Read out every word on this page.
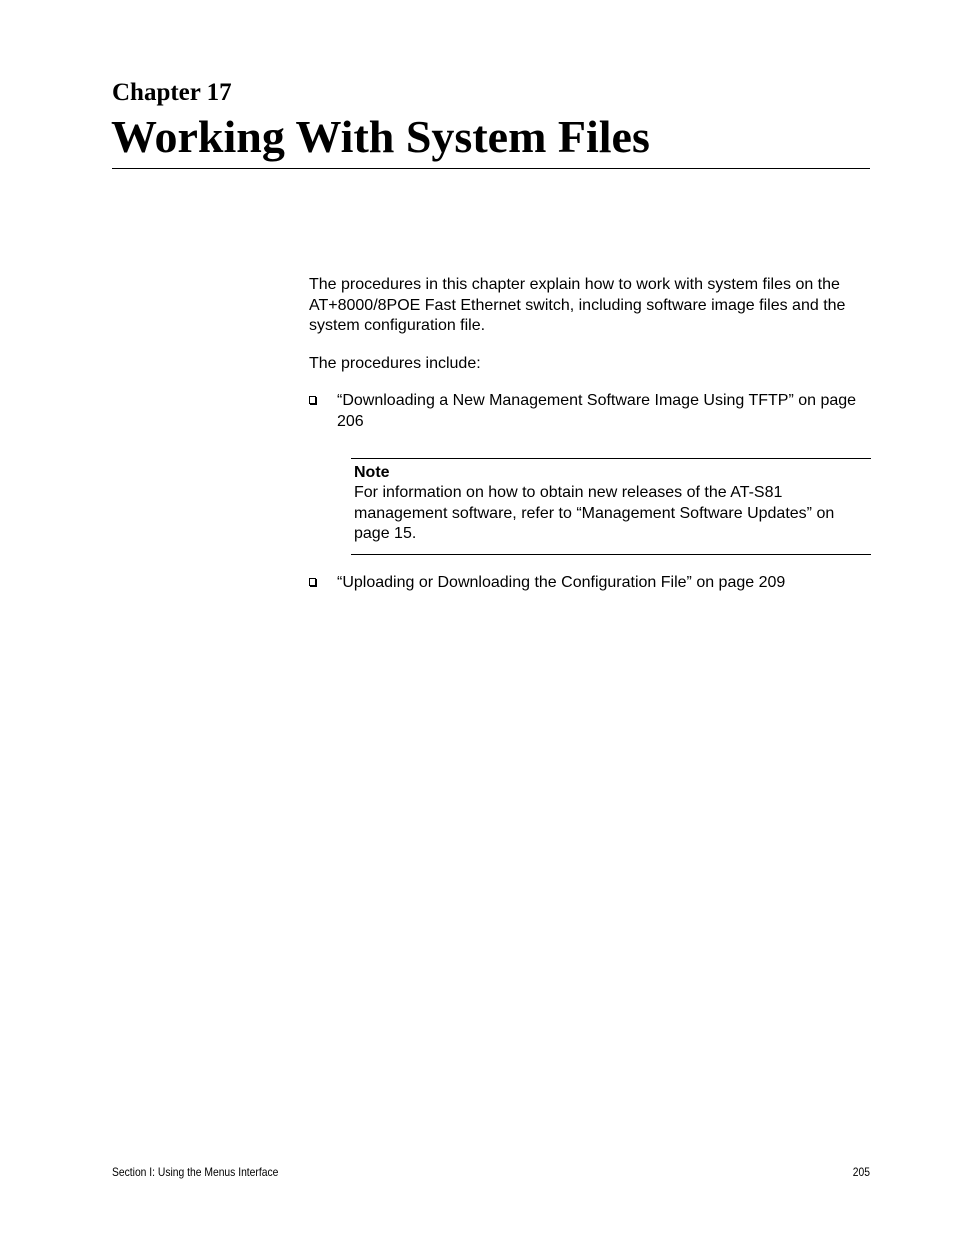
Chapter 17
Working With System Files

The procedures in this chapter explain how to work with system files on the AT+8000/8POE Fast Ethernet switch, including software image files and the system configuration file.

The procedures include:

“Downloading a New Management Software Image Using TFTP” on page 206
Note
For information on how to obtain new releases of the AT-S81 management software, refer to “Management Software Updates” on page 15.
“Uploading or Downloading the Configuration File” on page 209
Section I: Using the Menus Interface	205
